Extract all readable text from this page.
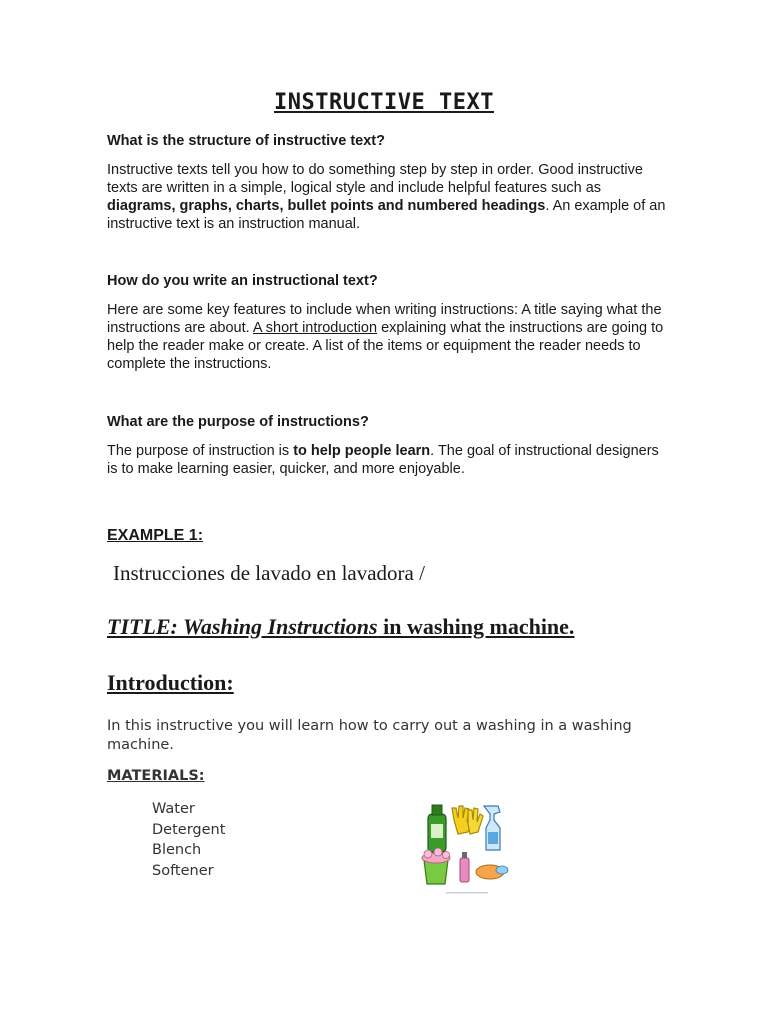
INSTRUCTIVE TEXT
What is the structure of instructive text?
Instructive texts tell you how to do something step by step in order. Good instructive texts are written in a simple, logical style and include helpful features such as diagrams, graphs, charts, bullet points and numbered headings. An example of an instructive text is an instruction manual.
How do you write an instructional text?
Here are some key features to include when writing instructions: A title saying what the instructions are about. A short introduction explaining what the instructions are going to help the reader make or create. A list of the items or equipment the reader needs to complete the instructions.
What are the purpose of instructions?
The purpose of instruction is to help people learn. The goal of instructional designers is to make learning easier, quicker, and more enjoyable.
EXAMPLE 1:
Instrucciones de lavado en lavadora /
TITLE: Washing Instructions in washing machine.
Introduction:
In this instructive you will learn how to carry out a washing in a washing machine.
MATERIALS:
Water
Detergent
Blench
Softener
